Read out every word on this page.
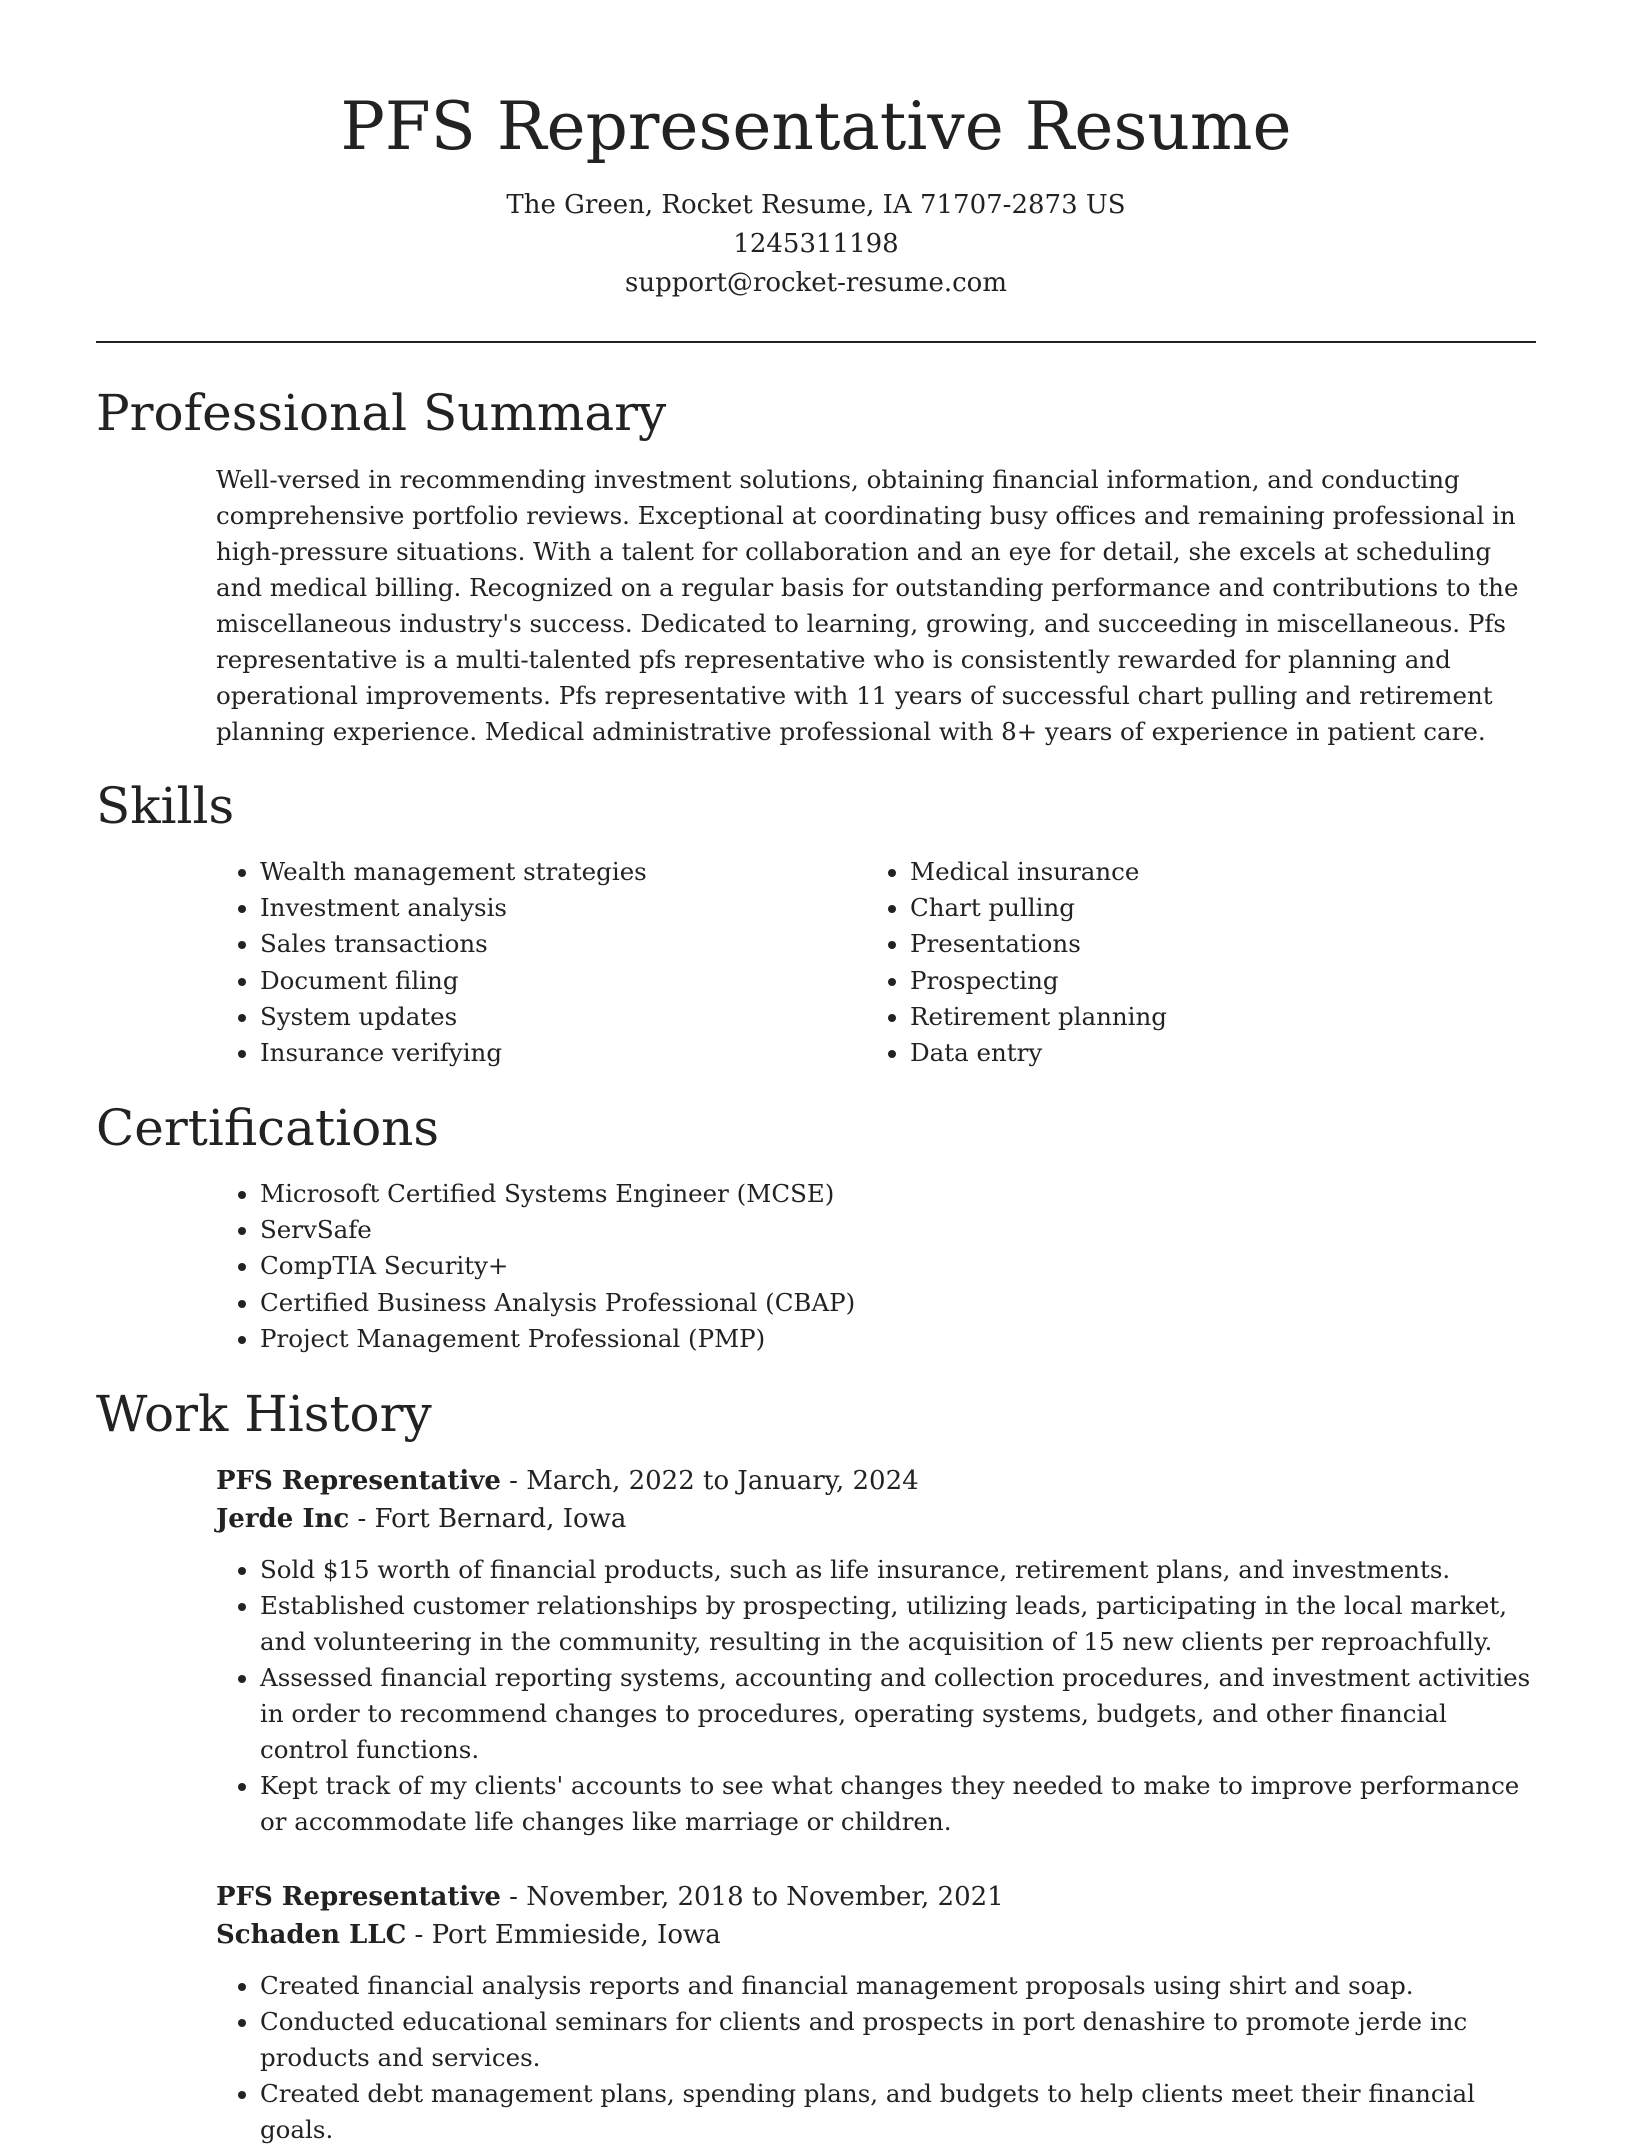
PFS Representative Resume

The Green, Rocket Resume, IA 71707-2873 US

1245311198

support@rocket-resume.com

Professional Summary

Well-versed in recommending investment solutions, obtaining financial information, and conducting comprehensive portfolio reviews. Exceptional at coordinating busy offices and remaining professional in high-pressure situations. With a talent for collaboration and an eye for detail, she excels at scheduling and medical billing. Recognized on a regular basis for outstanding performance and contributions to the miscellaneous industry's success. Dedicated to learning, growing, and succeeding in miscellaneous. Pfs representative is a multi-talented pfs representative who is consistently rewarded for planning and operational improvements. Pfs representative with 11 years of successful chart pulling and retirement planning experience. Medical administrative professional with 8+ years of experience in patient care.

Skills
• Wealth management strategies
• Investment analysis
• Sales transactions
• Document filing
• System updates
• Insurance verifying
• Medical insurance
• Chart pulling
• Presentations
• Prospecting
• Retirement planning
• Data entry
Certifications
• Microsoft Certified Systems Engineer (MCSE)
• ServSafe
• CompTIA Security+
• Certified Business Analysis Professional (CBAP)
• Project Management Professional (PMP)
Work History

PFS Representative - March, 2022 to January, 2024

Jerde Inc - Fort Bernard, Iowa

• Sold $15 worth of financial products, such as life insurance, retirement plans, and investments.
• Established customer relationships by prospecting, utilizing leads, participating in the local market, and volunteering in the community, resulting in the acquisition of 15 new clients per reproachfully.
• Assessed financial reporting systems, accounting and collection procedures, and investment activities in order to recommend changes to procedures, operating systems, budgets, and other financial control functions.
• Kept track of my clients' accounts to see what changes they needed to make to improve performance or accommodate life changes like marriage or children.

PFS Representative - November, 2018 to November, 2021

Schaden LLC - Port Emmieside, Iowa

• Created financial analysis reports and financial management proposals using shirt and soap.
• Conducted educational seminars for clients and prospects in port denashire to promote jerde inc products and services.
• Created debt management plans, spending plans, and budgets to help clients meet their financial goals.
